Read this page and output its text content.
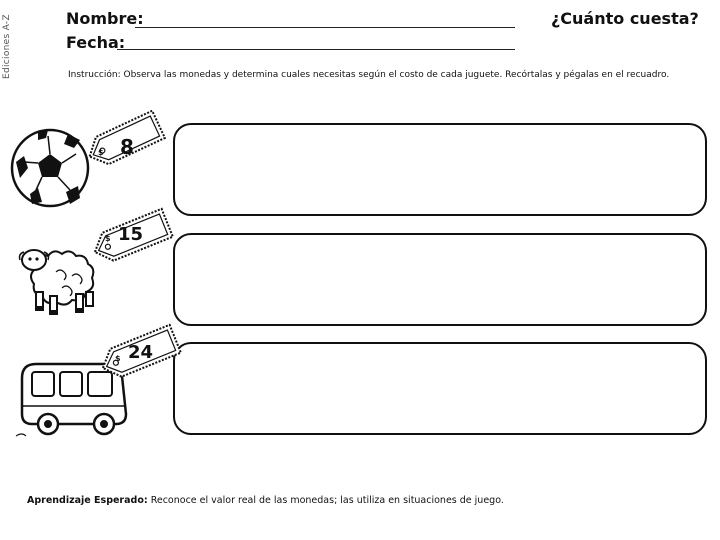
Ediciones A-Z	Nombre:
Fecha:
¿Cuánto cuesta?
Instrucción: Observa las monedas y determina cuales necesitas según el costo de cada juguete. Recórtalas y pégalas en el recuadro.
$ 8
$ 15
$ 24
Aprendizaje Esperado: Reconoce el valor real de las monedas; las utiliza en situaciones de juego.
